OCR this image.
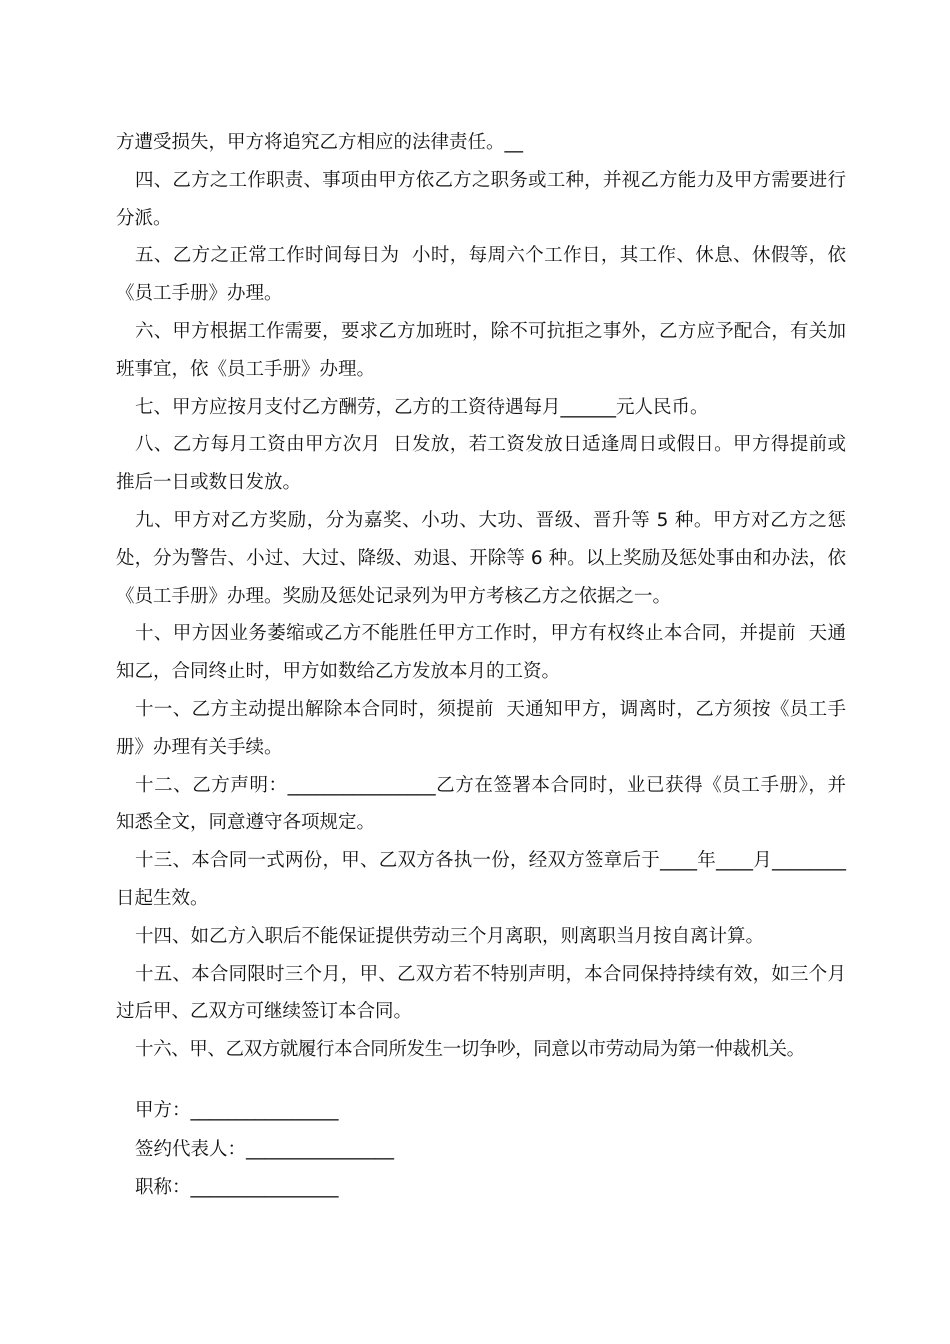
方遭受损失，甲方将追究乙方相应的法律责任。__

四、乙方之工作职责、事项由甲方依乙方之职务或工种，并视乙方能力及甲方需要进行分派。

五、乙方之正常工作时间每日为  小时，每周六个工作日，其工作、休息、休假等，依《员工手册》办理。

六、甲方根据工作需要，要求乙方加班时，除不可抗拒之事外，乙方应予配合，有关加班事宜，依《员工手册》办理。

七、甲方应按月支付乙方酬劳，乙方的工资待遇每月______元人民币。

八、乙方每月工资由甲方次月  日发放，若工资发放日适逢周日或假日。甲方得提前或推后一日或数日发放。

九、甲方对乙方奖励，分为嘉奖、小功、大功、晋级、晋升等 5 种。甲方对乙方之惩处，分为警告、小过、大过、降级、劝退、开除等 6 种。以上奖励及惩处事由和办法，依《员工手册》办理。奖励及惩处记录列为甲方考核乙方之依据之一。

十、甲方因业务萎缩或乙方不能胜任甲方工作时，甲方有权终止本合同，并提前  天通知乙，合同终止时，甲方如数给乙方发放本月的工资。

十一、乙方主动提出解除本合同时，须提前  天通知甲方，调离时，乙方须按《员工手册》办理有关手续。

十二、乙方声明：________________乙方在签署本合同时，业已获得《员工手册》，并知悉全文，同意遵守各项规定。

十三、本合同一式两份，甲、乙双方各执一份，经双方签章后于____年____月________日起生效。

十四、如乙方入职后不能保证提供劳动三个月离职，则离职当月按自离计算。

十五、本合同限时三个月，甲、乙双方若不特别声明，本合同保持持续有效，如三个月过后甲、乙双方可继续签订本合同。

十六、甲、乙双方就履行本合同所发生一切争吵，同意以市劳动局为第一仲裁机关。

甲方：________________

签约代表人：________________

职称：________________
